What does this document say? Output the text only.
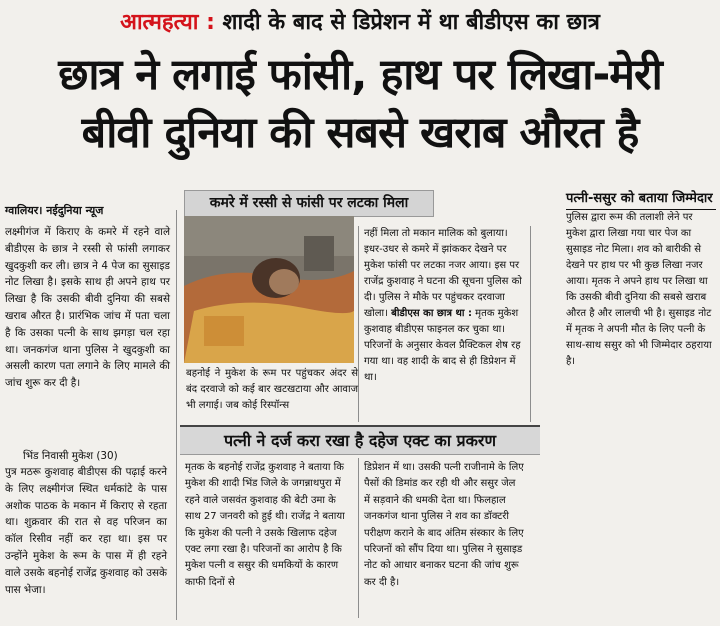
आत्महत्या : शादी के बाद से डिप्रेशन में था बीडीएस का छात्र
छात्र ने लगाई फांसी, हाथ पर लिखा-मेरी
बीवी दुनिया की सबसे खराब औरत है
ग्वालियर। नईदुनिया न्यूज
लक्ष्मीगंज में किराए के कमरे में रहने वाले बीडीएस के छात्र ने रस्सी से फांसी लगाकर खुदकुशी कर ली। छात्र ने 4 पेज का सुसाइड नोट लिखा है। इसके साथ ही अपने हाथ पर लिखा है कि उसकी बीवी दुनिया की सबसे खराब औरत है। प्रारंभिक जांच में पता चला है कि उसका पत्नी के साथ झगड़ा चल रहा था। जनकगंज थाना पुलिस ने खुदकुशी का असली कारण पता लगाने के लिए मामले की जांच शुरू कर दी है।
भिंड निवासी मुकेश (30)
पुत्र मठरू कुशवाह बीडीएस की पढ़ाई करने के लिए लक्ष्मीगंज स्थित धर्मकांटे के पास अशोक पाठक के मकान में किराए से रहता था। शुक्रवार की रात से वह परिजन का कॉल रिसीव नहीं कर रहा था। इस पर उन्होंने मुकेश के रूम के पास में ही रहने वाले उसके बहनोई राजेंद्र कुशवाह को उसके पास भेजा।
कमरे में रस्सी से फांसी पर लटका मिला
बहनोई ने मुकेश के रूम पर पहुंचकर अंदर से बंद दरवाजे को कई बार खटखटाया और आवाज भी लगाई। जब कोई रिस्पॉन्स
नहीं मिला तो मकान मालिक को बुलाया। इधर-उधर से कमरे में झांककर देखने पर मुकेश फांसी पर लटका नजर आया। इस पर राजेंद्र कुशवाह ने घटना की सूचना पुलिस को दी। पुलिस ने मौके पर पहुंचकर दरवाजा खोला। बीडीएस का छात्र था : मृतक मुकेश कुशवाह बीडीएस फाइनल कर चुका था। परिजनों के अनुसार केवल प्रैक्टिकल शेष रह गया था। वह शादी के बाद से ही डिप्रेशन में था।
पत्नी-ससुर को बताया जिम्मेदार
पुलिस द्वारा रूम की तलाशी लेने पर मुकेश द्वारा लिखा गया चार पेज का सुसाइड नोट मिला। शव को बारीकी से देखने पर हाथ पर भी कुछ लिखा नजर आया। मृतक ने अपने हाथ पर लिखा था कि उसकी बीवी दुनिया की सबसे खराब औरत है और लालची भी है। सुसाइड नोट में मृतक ने अपनी मौत के लिए पत्नी के साथ-साथ ससुर को भी जिम्मेदार ठहराया है।
पत्नी ने दर्ज करा रखा है दहेज एक्ट का प्रकरण
मृतक के बहनोई राजेंद्र कुशवाह ने बताया कि मुकेश की शादी भिंड जिले के जगन्नाथपुरा में रहने वाले जसवंत कुशवाह की बेटी उमा के साथ 27 जनवरी को हुई थी। राजेंद्र ने बताया कि मुकेश की पत्नी ने उसके खिलाफ दहेज एक्ट लगा रखा है। परिजनों का आरोप है कि मुकेश पत्नी व ससुर की धमकियों के कारण काफी दिनों से
डिप्रेशन में था। उसकी पत्नी राजीनामे के लिए पैसों की डिमांड कर रही थी और ससुर जेल में सड़वाने की धमकी देता था। फिलहाल जनकगंज थाना पुलिस ने शव का डॉक्टरी परीक्षण कराने के बाद अंतिम संस्कार के लिए परिजनों को सौंप दिया था। पुलिस ने सुसाइड नोट को आधार बनाकर घटना की जांच शुरू कर दी है।
